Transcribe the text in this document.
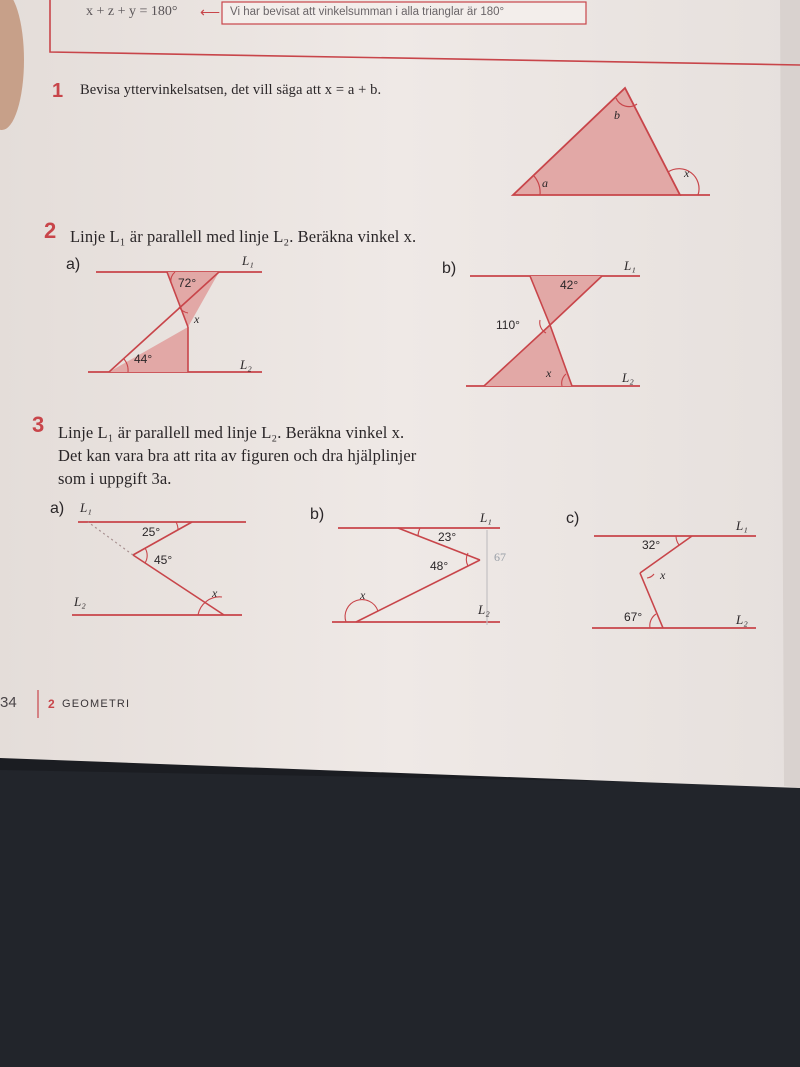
x + z + y = 180° ⟵ Vi har bevisat att vinkelsumman i alla trianglar är 180°
1 Bevisa yttervinkelsatsen, det vill säga att x = a + b.
b
a
x
2 Linje L₁ är parallell med linje L₂. Beräkna vinkel x.
a)	L₁
L₂
72°
44°
x
b)	L₁
L₂
42°
110°
x
3 Linje L₁ är parallell med linje L₂. Beräkna vinkel x.
Det kan vara bra att rita av figuren och dra hjälplinjer
som i uppgift 3a.
a) L₁
L₂
25°
45°
x
b)	L₁
L₂
23°
48°
x
67
c)	L₁
L₂
32°
67°
x
34	2 GEOMETRI
